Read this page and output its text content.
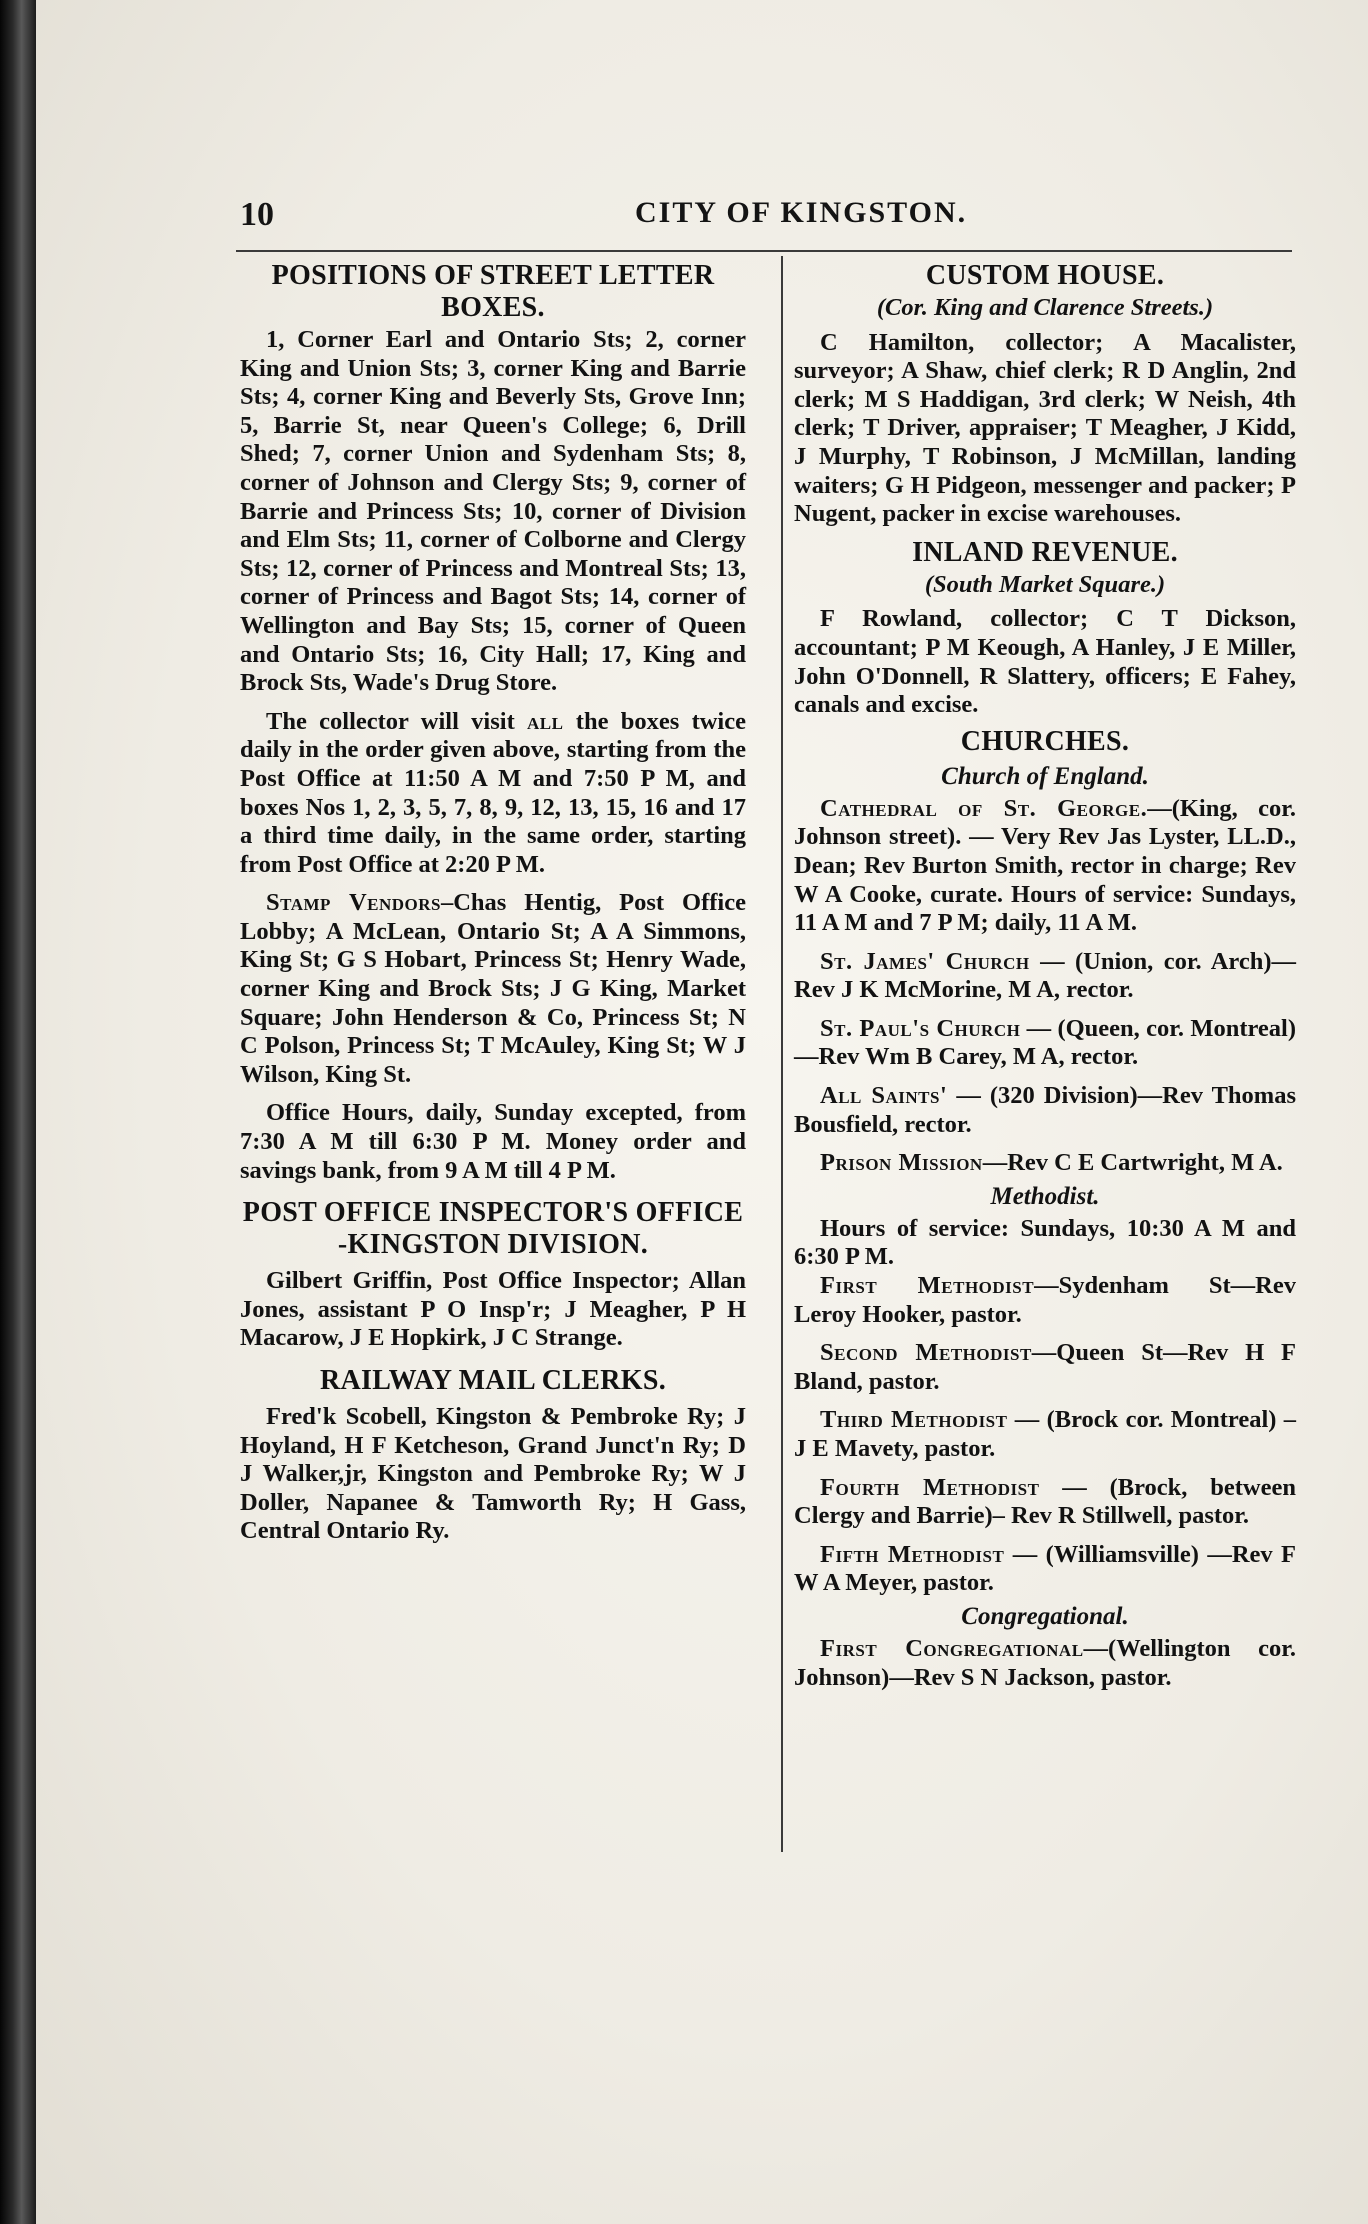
10	CITY OF KINGSTON.
POSITIONS OF STREET LETTER BOXES.

1, Corner Earl and Ontario Sts; 2, corner King and Union Sts; 3, corner King and Barrie Sts; 4, corner King and Beverly Sts, Grove Inn; 5, Barrie St, near Queen's College; 6, Drill Shed; 7, corner Union and Sydenham Sts; 8, corner of Johnson and Clergy Sts; 9, corner of Barrie and Princess Sts; 10, corner of Division and Elm Sts; 11, corner of Colborne and Clergy Sts; 12, corner of Princess and Montreal Sts; 13, corner of Princess and Bagot Sts; 14, corner of Wellington and Bay Sts; 15, corner of Queen and Ontario Sts; 16, City Hall; 17, King and Brock Sts, Wade's Drug Store.

The collector will visit all the boxes twice daily in the order given above, starting from the Post Office at 11:50 A M and 7:50 P M, and boxes Nos 1, 2, 3, 5, 7, 8, 9, 12, 13, 15, 16 and 17 a third time daily, in the same order, starting from Post Office at 2:20 P M.

Stamp Vendors–Chas Hentig, Post Office Lobby; A McLean, Ontario St; A A Simmons, King St; G S Hobart, Princess St; Henry Wade, corner King and Brock Sts; J G King, Market Square; John Henderson & Co, Princess St; N C Polson, Princess St; T McAuley, King St; W J Wilson, King St.

Office Hours, daily, Sunday excepted, from 7:30 A M till 6:30 P M. Money order and savings bank, from 9 A M till 4 P M.

POST OFFICE INSPECTOR'S OFFICE -KINGSTON DIVISION.

Gilbert Griffin, Post Office Inspector; Allan Jones, assistant P O Insp'r; J Meagher, P H Macarow, J E Hopkirk, J C Strange.

RAILWAY MAIL CLERKS.

Fred'k Scobell, Kingston & Pembroke Ry; J Hoyland, H F Ketcheson, Grand Junct'n Ry; D J Walker,jr, Kingston and Pembroke Ry; W J Doller, Napanee & Tamworth Ry; H Gass, Central Ontario Ry.

CUSTOM HOUSE.

(Cor. King and Clarence Streets.)

C Hamilton, collector; A Macalister, surveyor; A Shaw, chief clerk; R D Anglin, 2nd clerk; M S Haddigan, 3rd clerk; W Neish, 4th clerk; T Driver, appraiser; T Meagher, J Kidd, J Murphy, T Robinson, J McMillan, landing waiters; G H Pidgeon, messenger and packer; P Nugent, packer in excise warehouses.

INLAND REVENUE.

(South Market Square.)

F Rowland, collector; C T Dickson, accountant; P M Keough, A Hanley, J E Miller, John O'Donnell, R Slattery, officers; E Fahey, canals and excise.

CHURCHES.
Church of England.

Cathedral of St. George.—(King, cor. Johnson street). — Very Rev Jas Lyster, LL.D., Dean; Rev Burton Smith, rector in charge; Rev W A Cooke, curate. Hours of service: Sundays, 11 A M and 7 P M; daily, 11 A M.

St. James' Church — (Union, cor. Arch)—Rev J K McMorine, M A, rector.

St. Paul's Church — (Queen, cor. Montreal)—Rev Wm B Carey, M A, rector.

All Saints' — (320 Division)—Rev Thomas Bousfield, rector.

Prison Mission—Rev C E Cartwright, M A.

Methodist.

Hours of service: Sundays, 10:30 A M and 6:30 P M.

First Methodist—Sydenham St—Rev Leroy Hooker, pastor.

Second Methodist—Queen St—Rev H F Bland, pastor.

Third Methodist — (Brock cor. Montreal) –J E Mavety, pastor.

Fourth Methodist — (Brock, between Clergy and Barrie)– Rev R Stillwell, pastor.

Fifth Methodist — (Williamsville) —Rev F W A Meyer, pastor.

Congregational.

First Congregational—(Wellington cor. Johnson)—Rev S N Jackson, pastor.
